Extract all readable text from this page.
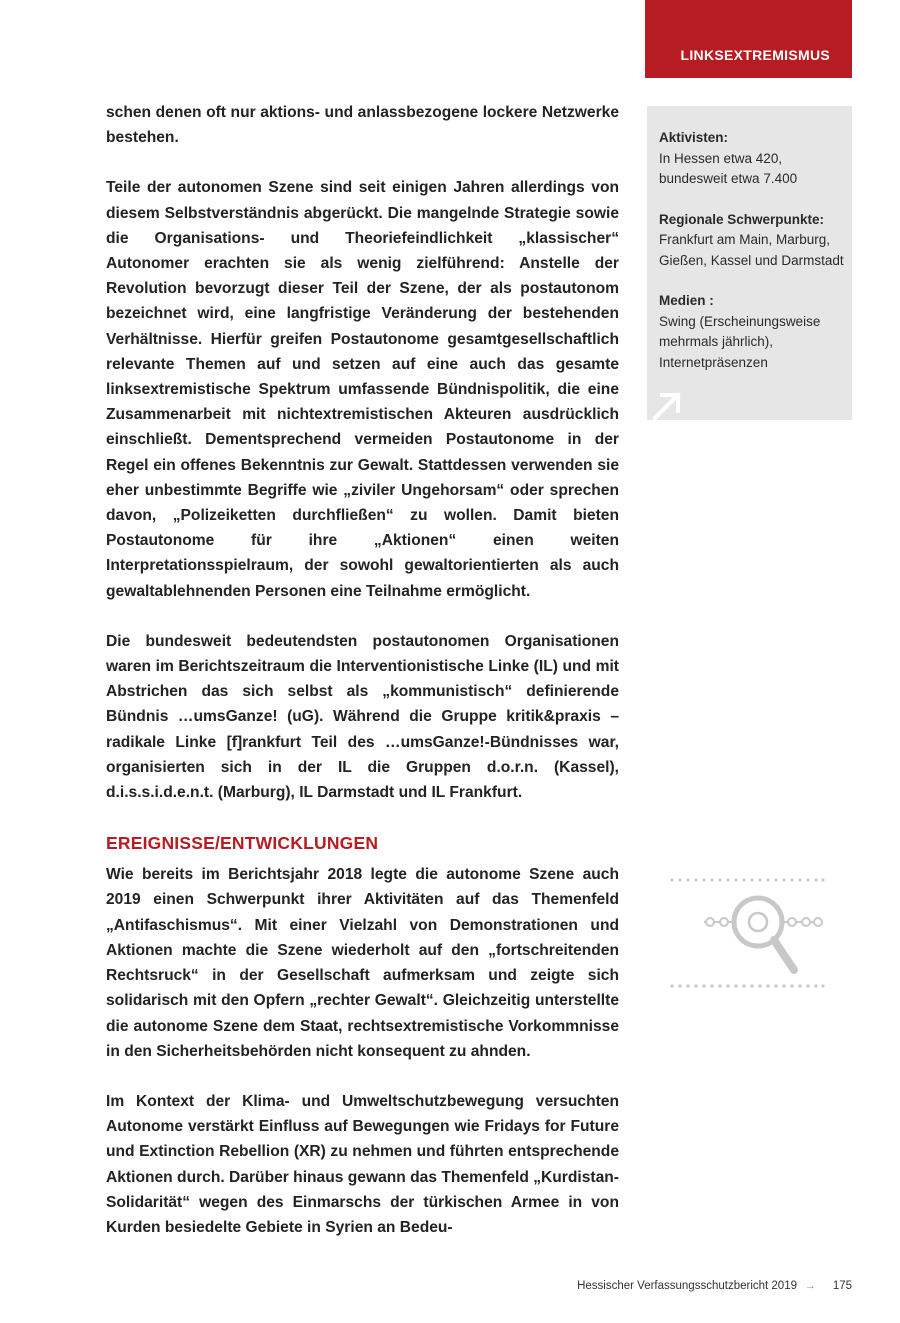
LINKSEXTREMISMUS

schen denen oft nur aktions- und anlassbezogene lockere Netzwerke bestehen.

Teile der autonomen Szene sind seit einigen Jahren allerdings von diesem Selbstverständnis abgerückt. Die mangelnde Strategie sowie die Organisations- und Theoriefeindlichkeit „klassischer“ Autonomer erachten sie als wenig zielführend: Anstelle der Revolution bevorzugt dieser Teil der Szene, der als postautonom bezeichnet wird, eine langfristige Veränderung der bestehenden Verhältnisse. Hierfür greifen Postautonome gesamtgesellschaftlich relevante Themen auf und setzen auf eine auch das gesamte linksextremistische Spektrum umfassende Bündnispolitik, die eine Zusammenarbeit mit nichtextremistischen Akteuren ausdrücklich einschließt. Dementsprechend vermeiden Postautonome in der Regel ein offenes Bekenntnis zur Gewalt. Stattdessen verwenden sie eher unbestimmte Begriffe wie „ziviler Ungehorsam“ oder sprechen davon, „Polizeiketten durchfließen“ zu wollen. Damit bieten Postautonome für ihre „Aktionen“ einen weiten Interpretationsspielraum, der sowohl gewaltorientierten als auch gewaltablehnenden Personen eine Teilnahme ermöglicht.

Die bundesweit bedeutendsten postautonomen Organisationen waren im Berichtszeitraum die Interventionistische Linke (IL) und mit Abstrichen das sich selbst als „kommunistisch“ definierende Bündnis …umsGanze! (uG). Während die Gruppe kritik&praxis – radikale Linke [f]rankfurt Teil des …umsGanze!-Bündnisses war, organisierten sich in der IL die Gruppen d.o.r.n. (Kassel), d.i.s.s.i.d.e.n.t. (Marburg), IL Darmstadt und IL Frankfurt.

EREIGNISSE/ENTWICKLUNGEN

Wie bereits im Berichtsjahr 2018 legte die autonome Szene auch 2019 einen Schwerpunkt ihrer Aktivitäten auf das Themenfeld „Antifaschismus“. Mit einer Vielzahl von Demonstrationen und Aktionen machte die Szene wiederholt auf den „fortschreitenden Rechtsruck“ in der Gesellschaft aufmerksam und zeigte sich solidarisch mit den Opfern „rechter Gewalt“. Gleichzeitig unterstellte die autonome Szene dem Staat, rechtsextremistische Vorkommnisse in den Sicherheitsbehörden nicht konsequent zu ahnden.

Im Kontext der Klima- und Umweltschutzbewegung versuchten Autonome verstärkt Einfluss auf Bewegungen wie Fridays for Future und Extinction Rebellion (XR) zu nehmen und führten entsprechende Aktionen durch. Darüber hinaus gewann das Themenfeld „Kurdistan-Solidarität“ wegen des Einmarschs der türkischen Armee in von Kurden besiedelte Gebiete in Syrien an Bedeu-

Aktivisten:
In Hessen etwa 420, bundesweit etwa 7.400
Regionale Schwerpunkte:
Frankfurt am Main, Marburg, Gießen, Kassel und Darmstadt
Medien :
Swing (Erscheinungsweise mehrmals jährlich), Internetpräsenzen
Hessischer Verfassungsschutzbericht 2019 → 175
